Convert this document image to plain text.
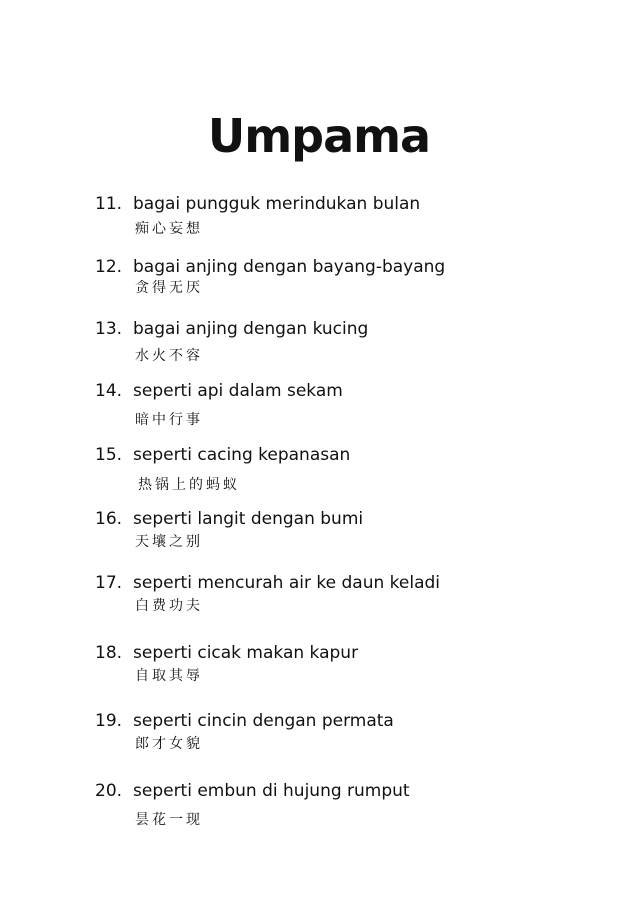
Umpama
11. bagai pungguk merindukan bulan
痴心妄想
12. bagai anjing dengan bayang-bayang
贪得无厌
13. bagai anjing dengan kucing
水火不容
14. seperti api dalam sekam
暗中行事
15. seperti cacing kepanasan
热锅上的蚂蚁
16. seperti langit dengan bumi
天壤之别
17. seperti mencurah air ke daun keladi
白费功夫
18. seperti cicak makan kapur
自取其辱
19. seperti cincin dengan permata
郎才女貌
20. seperti embun di hujung rumput
昙花一现
